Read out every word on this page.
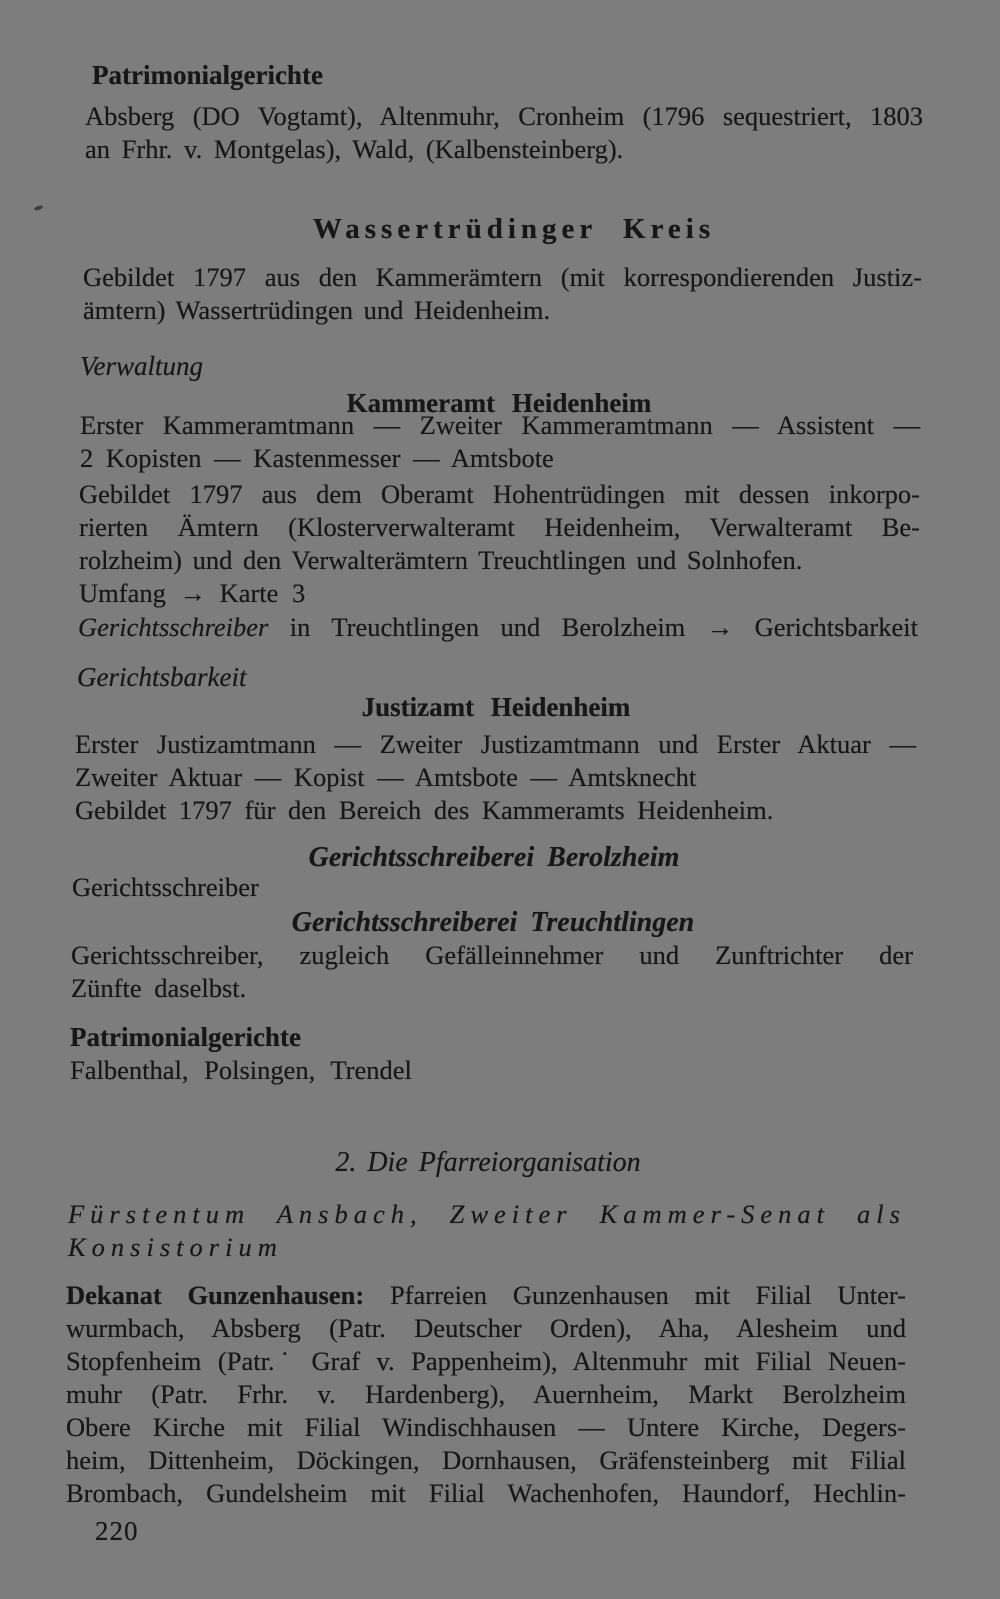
Patrimonialgerichte
Absberg (DO Vogtamt), Altenmuhr, Cronheim (1796 sequestriert, 1803
an Frhr. v. Montgelas), Wald, (Kalbensteinberg).
Wassertrüdinger Kreis
Gebildet 1797 aus den Kammerämtern (mit korrespondierenden Justiz-
ämtern) Wassertrüdingen und Heidenheim.
Verwaltung
Kammeramt Heidenheim
Erster Kammeramtmann — Zweiter Kammeramtmann — Assistent —
2 Kopisten — Kastenmesser — Amtsbote
Gebildet 1797 aus dem Oberamt Hohentrüdingen mit dessen inkorpo-
rierten Ämtern (Klosterverwalteramt Heidenheim, Verwalteramt Be-
rolzheim) und den Verwalterämtern Treuchtlingen und Solnhofen.
Umfang → Karte 3
Gerichtsschreiber in Treuchtlingen und Berolzheim → Gerichtsbarkeit
Gerichtsbarkeit
Justizamt Heidenheim
Erster Justizamtmann — Zweiter Justizamtmann und Erster Aktuar —
Zweiter Aktuar — Kopist — Amtsbote — Amtsknecht
Gebildet 1797 für den Bereich des Kammeramts Heidenheim.
Gerichtsschreiberei Berolzheim
Gerichtsschreiber
Gerichtsschreiberei Treuchtlingen
Gerichtsschreiber, zugleich Gefälleinnehmer und Zunftrichter der
Zünfte daselbst.
Patrimonialgerichte
Falbenthal, Polsingen, Trendel
2. Die Pfarreiorganisation
Fürstentum Ansbach, Zweiter Kammer-Senat als
Konsistorium
Dekanat Gunzenhausen: Pfarreien Gunzenhausen mit Filial Unter-
wurmbach, Absberg (Patr. Deutscher Orden), Aha, Alesheim und
Stopfenheim (Patr.˙ Graf v. Pappenheim), Altenmuhr mit Filial Neuen-
muhr (Patr. Frhr. v. Hardenberg), Auernheim, Markt Berolzheim
Obere Kirche mit Filial Windischhausen — Untere Kirche, Degers-
heim, Dittenheim, Döckingen, Dornhausen, Gräfensteinberg mit Filial
Brombach, Gundelsheim mit Filial Wachenhofen, Haundorf, Hechlin-
220
